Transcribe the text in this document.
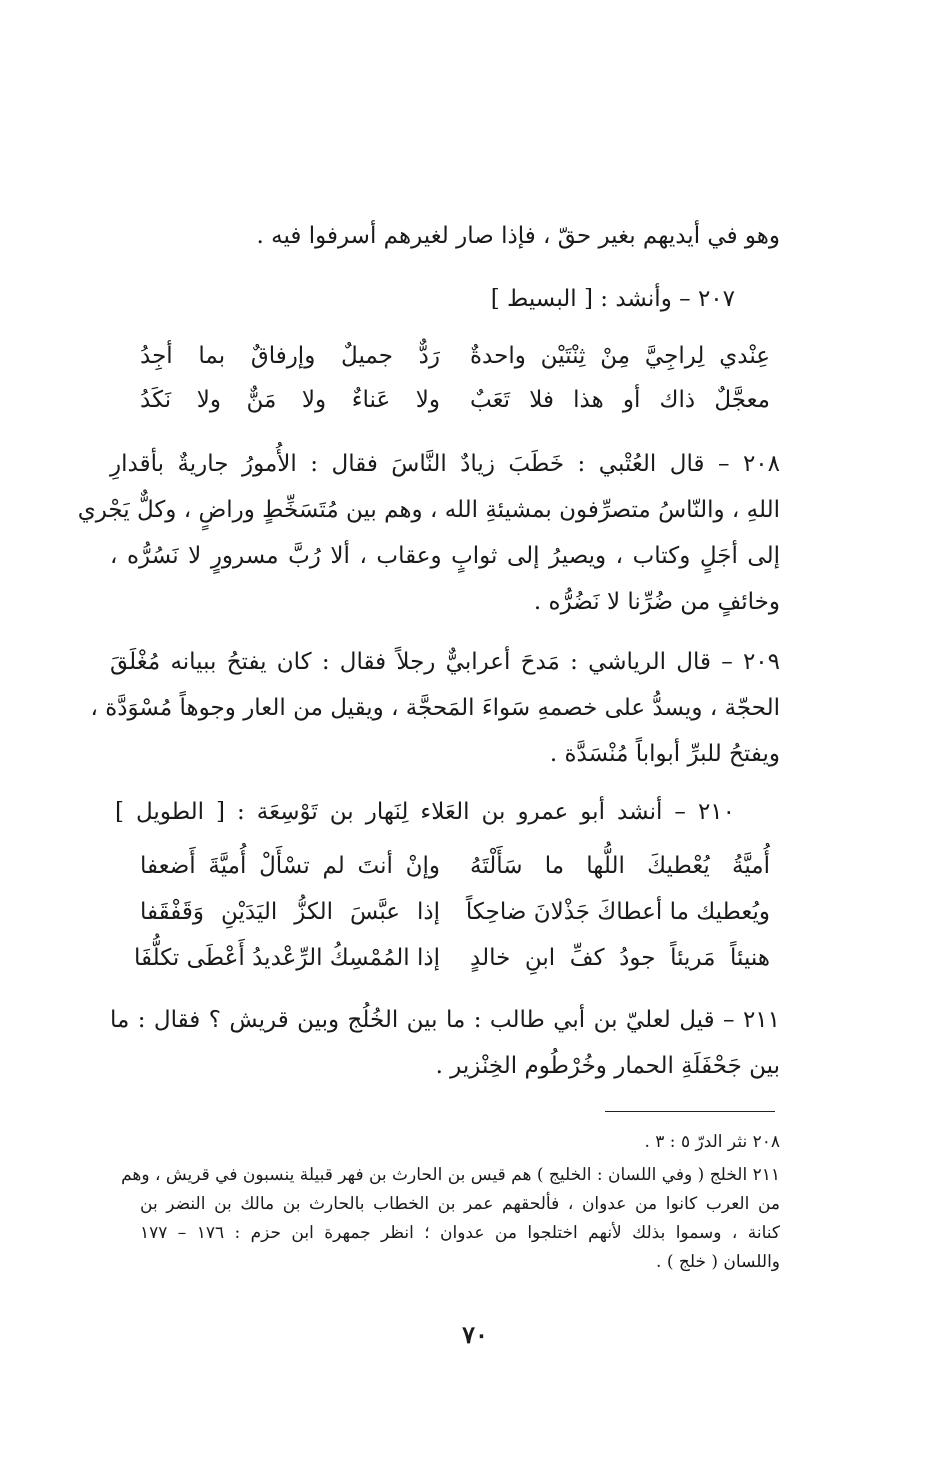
وهو في أيديهم بغير حقّ ، فإذا صار لغيرهم أسرفوا فيه .
٢٠٧ – وأنشد : [ البسيط ]
عِنْدي لِراجِيَّ مِنْ ثِنْتَيْن واحدةٌ
رَدٌّ جميلٌ وإرفاقٌ بما أجِدُ
معجَّلٌ ذاك أو هذا فلا تَعَبٌ
ولا عَناءٌ ولا مَنٌّ ولا نَكَدُ
٢٠٨ – قال العُتْبي : خَطَبَ زيادٌ النَّاسَ فقال : الأُمورُ جاريةٌ بأقدارِ
اللهِ ، والنّاسُ متصرِّفون بمشيئةِ الله ، وهم بين مُتَسَخِّطٍ وراضٍ ، وكلٌّ يَجْري
إلى أجَلٍ وكتاب ، ويصيرُ إلى ثوابٍ وعقاب ، ألا رُبَّ مسرورٍ لا نَسُرُّه ،
وخائفٍ من ضُرِّنا لا نَضُرُّه .
٢٠٩ – قال الرياشي : مَدحَ أعرابيٌّ رجلاً فقال : كان يفتحُ ببيانه مُغْلَقَ
الحجّة ، ويسدُّ على خصمهِ سَواءَ المَحجَّة ، ويقيل من العار وجوهاً مُسْوَدَّة ،
ويفتحُ للبرِّ أبواباً مُنْسَدَّة .
٢١٠ – أنشد أبو عمرو بن العَلاء لِنَهار بن تَوْسِعَة : [ الطويل ]
أُميَّةُ يُعْطيكَ اللُّها ما سَأَلْتَهُ
وإنْ أنتَ لم تسْأَلْ أُميَّةَ أَضعفا
ويُعطيك ما أعطاكَ جَذْلانَ ضاحِكاً
إذا عبَّسَ الكزُّ اليَدَيْنِ وَقَفْقَفا
هنيئاً مَريئاً جودُ كفِّ ابنِ خالدٍ
إذا المُمْسِكُ الرِّعْديدُ أَعْطَى تكلُّفَا
٢١١ – قيل لعليّ بن أبي طالب : ما بين الخُلُج وبين قريش ؟ فقال : ما
بين جَحْفَلَةِ الحمار وخُرْطُوم الخِنْزير .
٢٠٨ نثر الدرّ ٥ : ٣ .
٢١١ الخلج ( وفي اللسان : الخليج ) هم قيس بن الحارث بن فهر قبيلة ينسبون في قريش ، وهم
من العرب كانوا من عدوان ، فألحقهم عمر بن الخطاب بالحارث بن مالك بن النضر بن
كنانة ، وسموا بذلك لأنهم اختلجوا من عدوان ؛ انظر جمهرة ابن حزم : ١٧٦ – ١٧٧
واللسان ( خلج ) .
٧٠
